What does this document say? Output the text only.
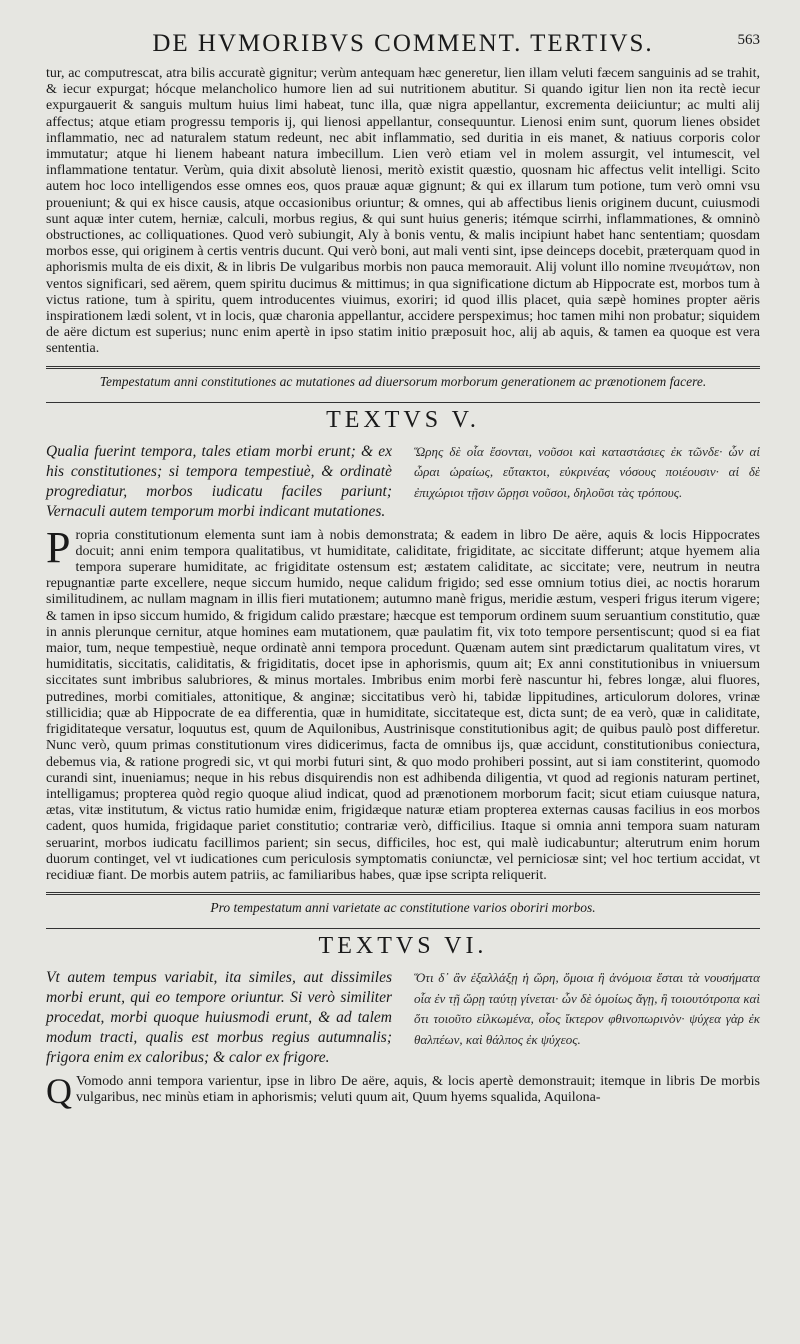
DE HVMORIBVS COMMENT. TERTIVS.	563

tur, ac computrescat, atra bilis accuratè gignitur; verùm antequam hæc generetur, lien illam veluti fæcem sanguinis ad se trahit, & iecur expurgat; hócque melancholico humore lien ad sui nutritionem abutitur. Si quando igitur lien non ita rectè iecur expurgauerit & sanguis multum huius limi habeat, tunc illa, quæ nigra appellantur, excrementa deiiciuntur; ac multi alij affectus; atque etiam progressu temporis ij, qui lienosi appellantur, consequuntur. Lienosi enim sunt, quorum lienes obsidet inflammatio, nec ad naturalem statum redeunt, nec abit inflammatio, sed duritia in eis manet, & natiuus corporis color immutatur; atque hi lienem habeant natura imbecillum. Lien verò etiam vel in molem assurgit, vel intumescit, vel inflammatione tentatur. Verùm, quia dixit absolutè lienosi, meritò existit quæstio, quosnam hic affectus velit intelligi. Scito autem hoc loco intelligendos esse omnes eos, quos prauæ aquæ gignunt; & qui ex illarum tum potione, tum verò omni vsu proueniunt; & qui ex hisce causis, atque occasionibus oriuntur; & omnes, qui ab affectibus lienis originem ducunt, cuiusmodi sunt aquæ inter cutem, herniæ, calculi, morbus regius, & qui sunt huius generis; itémque scirrhi, inflammationes, & omninò obstructiones, ac colliquationes. Quod verò subiungit, Aly à bonis ventu, & malis incipiunt habet hanc sententiam; quosdam morbos esse, qui originem à certis ventris ducunt. Qui verò boni, aut mali venti sint, ipse deinceps docebit, præterquam quod in aphorismis multa de eis dixit, & in libris De vulgaribus morbis non pauca memorauit. Alij volunt illo nomine πνευμάτων, non ventos significari, sed aërem, quem spiritu ducimus & mittimus; in qua significatione dictum ab Hippocrate est, morbos tum à victus ratione, tum à spiritu, quem introducentes viuimus, exoriri; id quod illis placet, quia sæpè homines propter aëris inspirationem lædi solent, vt in locis, quæ charonia appellantur, accidere perspeximus; hoc tamen mihi non probatur; siquidem de aëre dictum est superius; nunc enim apertè in ipso statim initio præposuit hoc, alij ab aquis, & tamen ea quoque est vera sententia.

Tempestatum anni constitutiones ac mutationes ad diuersorum morborum generationem ac prænotionem facere.
TEXTVS V.
Qualia fuerint tempora, tales etiam morbi erunt; & ex his constitutiones; si tempora tempestiuè, & ordinatè progrediatur, morbos iudicatu faciles pariunt; Vernaculi autem temporum morbi indicant mutationes.
Ὥρης δὲ οἷα ἔσονται, νοῦσοι καὶ καταστάσιες ἐκ τῶνδε· ὧν αἱ ὧραι ὡραίως, εὔτακτοι, εὐκρινέας νόσους ποιέουσιν· αἱ δὲ ἐπιχώριοι τῇσιν ὥρῃσι νοῦσοι, δηλοῦσι τὰς τρόπους.
P ropria constitutionum elementa sunt iam à nobis demonstrata; & eadem in libro De aëre, aquis & locis Hippocrates docuit; anni enim tempora qualitatibus, vt humiditate, caliditate, frigiditate, ac siccitate differunt; atque hyemem alia tempora superare humiditate, ac frigiditate ostensum est; æstatem caliditate, ac siccitate; vere, neutrum in neutra repugnantiæ parte excellere, neque siccum humido, neque calidum frigido; sed esse omnium totius diei, ac noctis horarum similitudinem, ac nullam magnam in illis fieri mutationem; autumno manè frigus, meridie æstum, vesperi frigus iterum vigere; & tamen in ipso siccum humido, & frigidum calido præstare; hæcque est temporum ordinem suum seruantium constitutio, quæ in annis plerunque cernitur, atque homines eam mutationem, quæ paulatim fit, vix toto tempore persentiscunt; quod si ea fiat maior, tum, neque tempestiuè, neque ordinatè anni tempora procedunt. Quænam autem sint prædictarum qualitatum vires, vt humiditatis, siccitatis, caliditatis, & frigiditatis, docet ipse in aphorismis, quum ait; Ex anni constitutionibus in vniuersum siccitates sunt imbribus salubriores, & minus mortales. Imbribus enim morbi ferè nascuntur hi, febres longæ, alui fluores, putredines, morbi comitiales, attonitique, & anginæ; siccitatibus verò hi, tabidæ lippitudines, articulorum dolores, vrinæ stillicidia; quæ ab Hippocrate de ea differentia, quæ in humiditate, siccitateque est, dicta sunt; de ea verò, quæ in caliditate, frigiditateque versatur, loquutus est, quum de Aquilonibus, Austrinisque constitutionibus agit; de quibus paulò post differetur. Nunc verò, quum primas constitutionum vires didicerimus, facta de omnibus ijs, quæ accidunt, constitutionibus coniectura, debemus via, & ratione progredi sic, vt qui morbi futuri sint, & quo modo prohiberi possint, aut si iam constiterint, quomodo curandi sint, inueniamus; neque in his rebus disquirendis non est adhibenda diligentia, vt quod ad regionis naturam pertinet, intelligamus; propterea quòd regio quoque aliud indicat, quod ad prænotionem morborum facit; sicut etiam cuiusque natura, ætas, vitæ institutum, & victus ratio humidæ enim, frigidæque naturæ etiam propterea externas causas facilius in eos morbos cadent, quos humida, frigidaque pariet constitutio; contrariæ verò, difficilius. Itaque si omnia anni tempora suam naturam seruarint, morbos iudicatu facillimos parient; sin secus, difficiles, hoc est, qui malè iudicabuntur; alterutrum enim horum duorum continget, vel vt iudicationes cum periculosis symptomatis coniunctæ, vel perniciosæ sint; vel hoc tertium accidat, vt recidiuæ fiant. De morbis autem patriis, ac familiaribus habes, quæ ipse scripta reliquerit.

Pro tempestatum anni varietate ac constitutione varios oboriri morbos.
TEXTVS VI.
Vt autem tempus variabit, ita similes, aut dissimiles morbi erunt, qui eo tempore oriuntur. Si verò similiter procedat, morbi quoque huiusmodi erunt, & ad talem modum tracti, qualis est morbus regius autumnalis; frigora enim ex caloribus; & calor ex frigore.
Ὅτι δ᾽ ἂν ἐξαλλάξῃ ἡ ὥρη, ὅμοια ἢ ἀνόμοια ἔσται τὰ νουσήματα οἷα ἐν τῇ ὥρῃ ταύτῃ γίνεται· ὧν δὲ ὁμοίως ἄγῃ, ἢ τοιουτότροπα καὶ ὅτι τοιοῦτο εἰλκωμένα, οἷος ἴκτερον φθινοπωρινὸν· ψύχεα γὰρ ἐκ θαλπέων, καὶ θάλπος ἐκ ψύχεος.
Q Vomodo anni tempora varientur, ipse in libro De aëre, aquis, & locis apertè demonstrauit; itemque in libris De morbis vulgaribus, nec minùs etiam in aphorismis; veluti quum ait, Quum hyems squalida, Aquilona-
